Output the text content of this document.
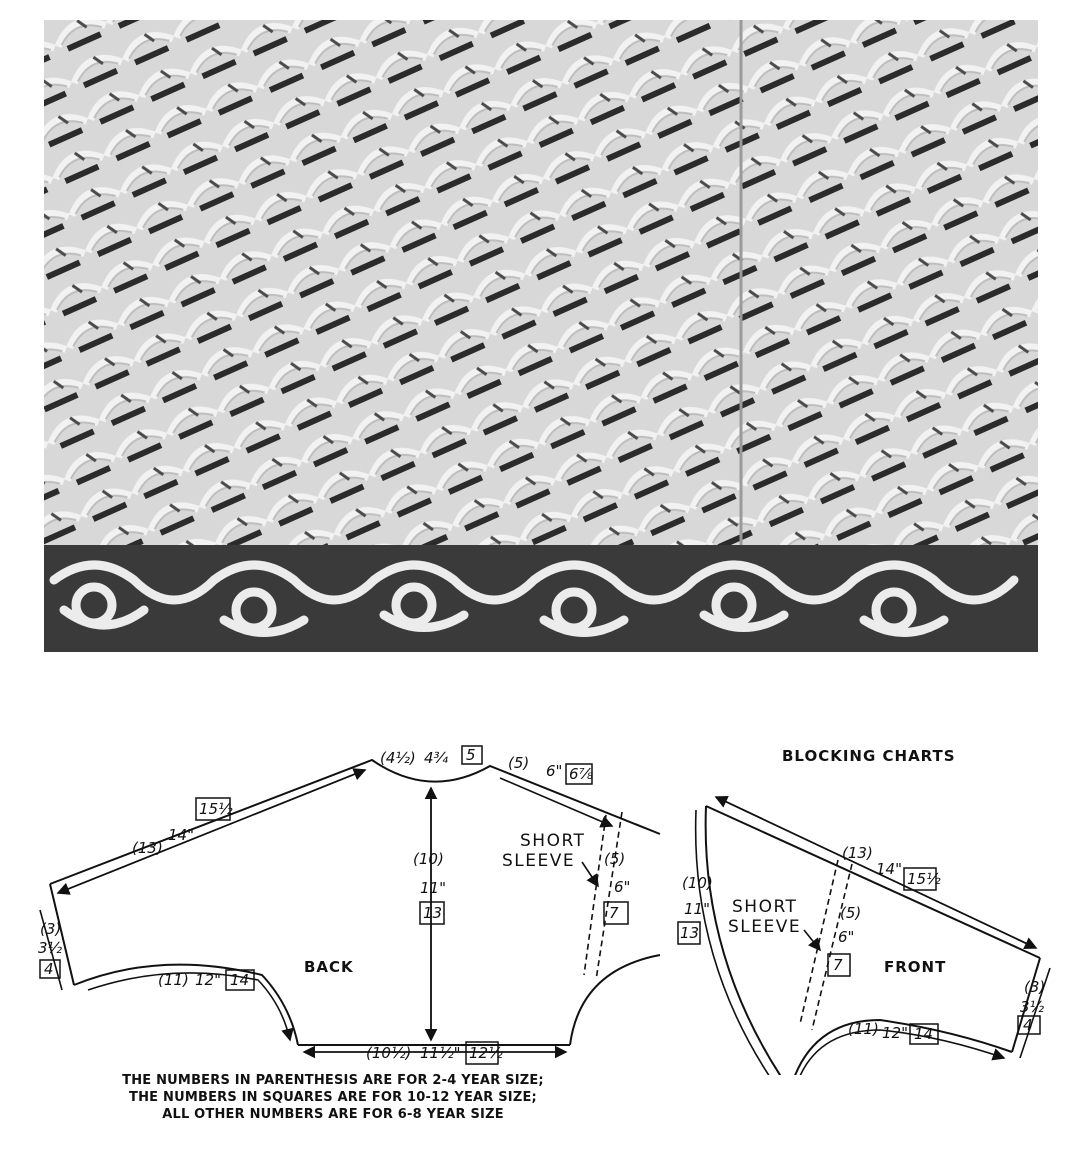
BLOCKING CHARTS
BACK
(4½) 4¾ 5 (5) 6" 6⅞
(13)
14"
15½
(10)
11"
13
(3)
3½
4
(11) 12" 14
(10½) 11½" 12½
SHORT
SLEEVE (5)
6"
7
FRONT
(10)
11"
13
(13)
14"
15½
(3)
3½
4
(11) 12" 14
SHORT
SLEEVE
(5)
6"
7
THE NUMBERS IN PARENTHESIS ARE FOR 2-4 YEAR SIZE;
THE NUMBERS IN SQUARES ARE FOR 10-12 YEAR SIZE;
ALL OTHER NUMBERS ARE FOR 6-8 YEAR SIZE
